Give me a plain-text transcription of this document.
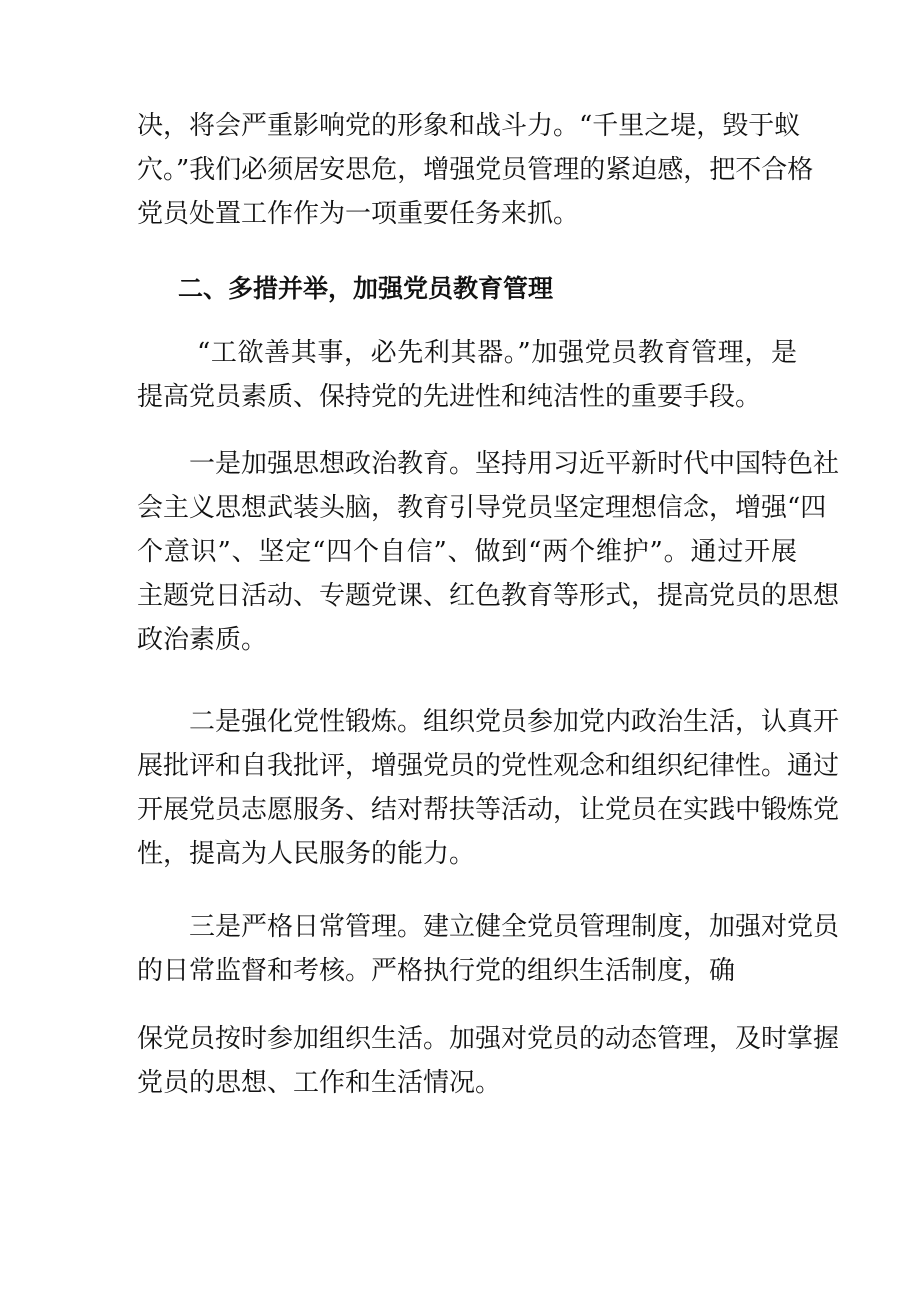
决，将会严重影响党的形象和战斗力。“千里之堤，毁于蚁
穴。”我们必须居安思危，增强党员管理的紧迫感，把不合格
党员处置工作作为一项重要任务来抓。
二、多措并举，加强党员教育管理
“工欲善其事，必先利其器。”加强党员教育管理，是
提高党员素质、保持党的先进性和纯洁性的重要手段。
一是加强思想政治教育。坚持用习近平新时代中国特色社
会主义思想武装头脑，教育引导党员坚定理想信念，增强“四
个意识”、坚定“四个自信”、做到“两个维护”。通过开展
主题党日活动、专题党课、红色教育等形式，提高党员的思想
政治素质。
二是强化党性锻炼。组织党员参加党内政治生活，认真开
展批评和自我批评，增强党员的党性观念和组织纪律性。通过
开展党员志愿服务、结对帮扶等活动，让党员在实践中锻炼党
性，提高为人民服务的能力。
三是严格日常管理。建立健全党员管理制度，加强对党员
的日常监督和考核。严格执行党的组织生活制度，确
保党员按时参加组织生活。加强对党员的动态管理，及时掌握
党员的思想、工作和生活情况。
